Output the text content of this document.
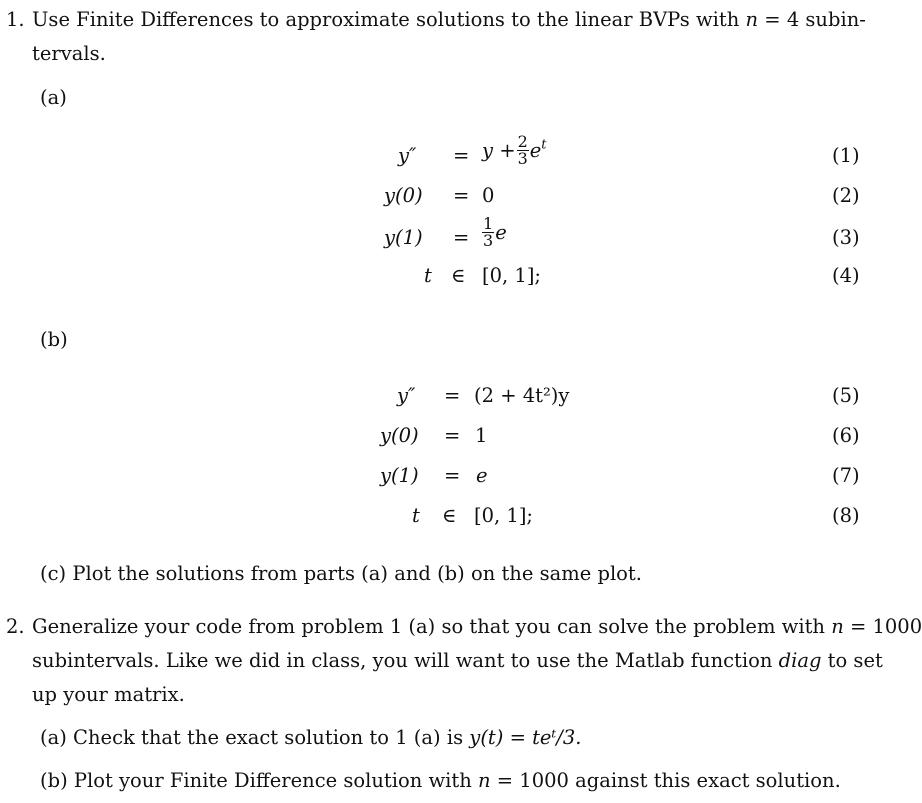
1. Use Finite Differences to approximate solutions to the linear BVPs with n = 4 subin-
tervals.
(a)
$y'' = y + \frac{2}{3} e^t$	(1)
y(0) = 0	(2)
$y(1) = \frac{1}{3}$ e	(3)
t ∈ [0, 1];	(4)
(b)
y″ = (2 + 4t²)y	(5)
y(0) = 1	(6)
y(1) = e	(7)
t ∈ [0, 1];	(8)
(c) Plot the solutions from parts (a) and (b) on the same plot.
2. Generalize your code from problem 1 (a) so that you can solve the problem with n = 1000
subintervals. Like we did in class, you will want to use the Matlab function diag to set
up your matrix.
(a) Check that the exact solution to 1 (a) is y(t) = teᵗ/3.
(b) Plot your Finite Difference solution with n = 1000 against this exact solution.
